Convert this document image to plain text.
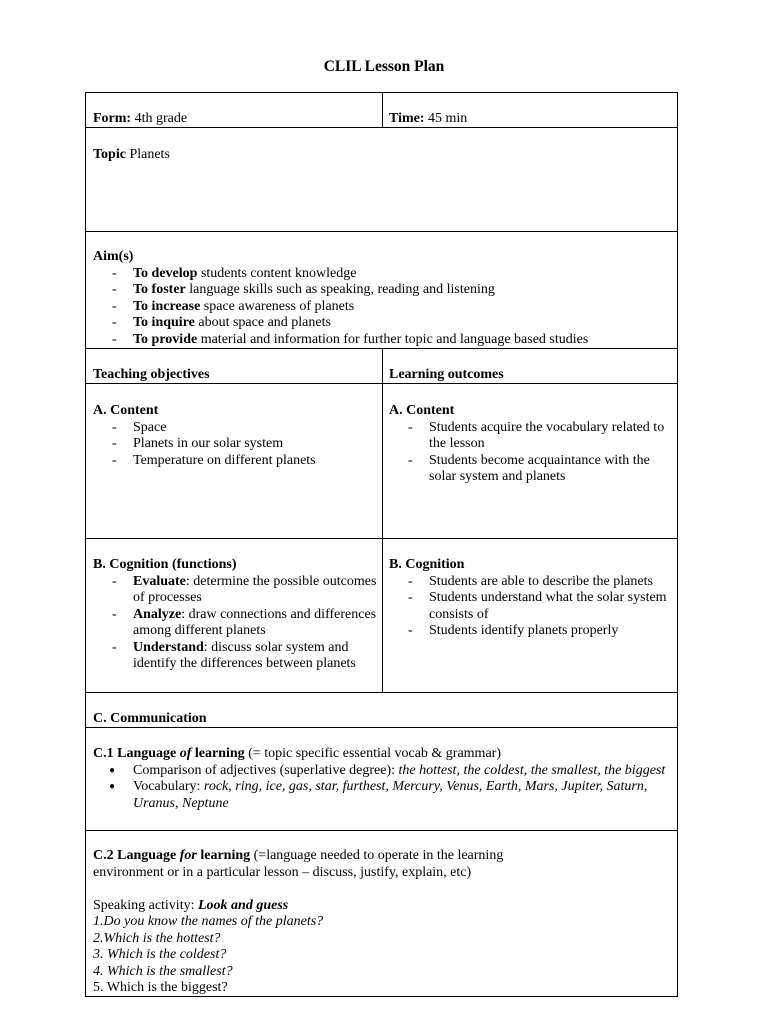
CLIL Lesson Plan
Form: 4th grade	Time: 45 min
Topic Planets
Aim(s)
- To develop students content knowledge
- To foster language skills such as speaking, reading and listening
- To increase space awareness of planets
- To inquire about space and planets
- To provide material and information for further topic and language based studies
Teaching objectives	Learning outcomes
A. Content
- Space
- Planets in our solar system
- Temperature on different planets
A. Content
- Students acquire the vocabulary related to the lesson
- Students become acquaintance with the solar system and planets
B. Cognition (functions)
- Evaluate: determine the possible outcomes of processes
- Analyze: draw connections and differences among different planets
- Understand: discuss solar system and identify the differences between planets
B. Cognition
- Students are able to describe the planets
- Students understand what the solar system consists of
- Students identify planets properly
C. Communication
C.1 Language of learning (= topic specific essential vocab & grammar)
● Comparison of adjectives (superlative degree): the hottest, the coldest, the smallest, the biggest
● Vocabulary: rock, ring, ice, gas, star, furthest, Mercury, Venus, Earth, Mars, Jupiter, Saturn, Uranus, Neptune
C.2 Language for learning (=language needed to operate in the learning
environment or in a particular lesson – discuss, justify, explain, etc)
Speaking activity: Look and guess
1.Do you know the names of the planets?
2.Which is the hottest?
3. Which is the coldest?
4. Which is the smallest?
5. Which is the biggest?
